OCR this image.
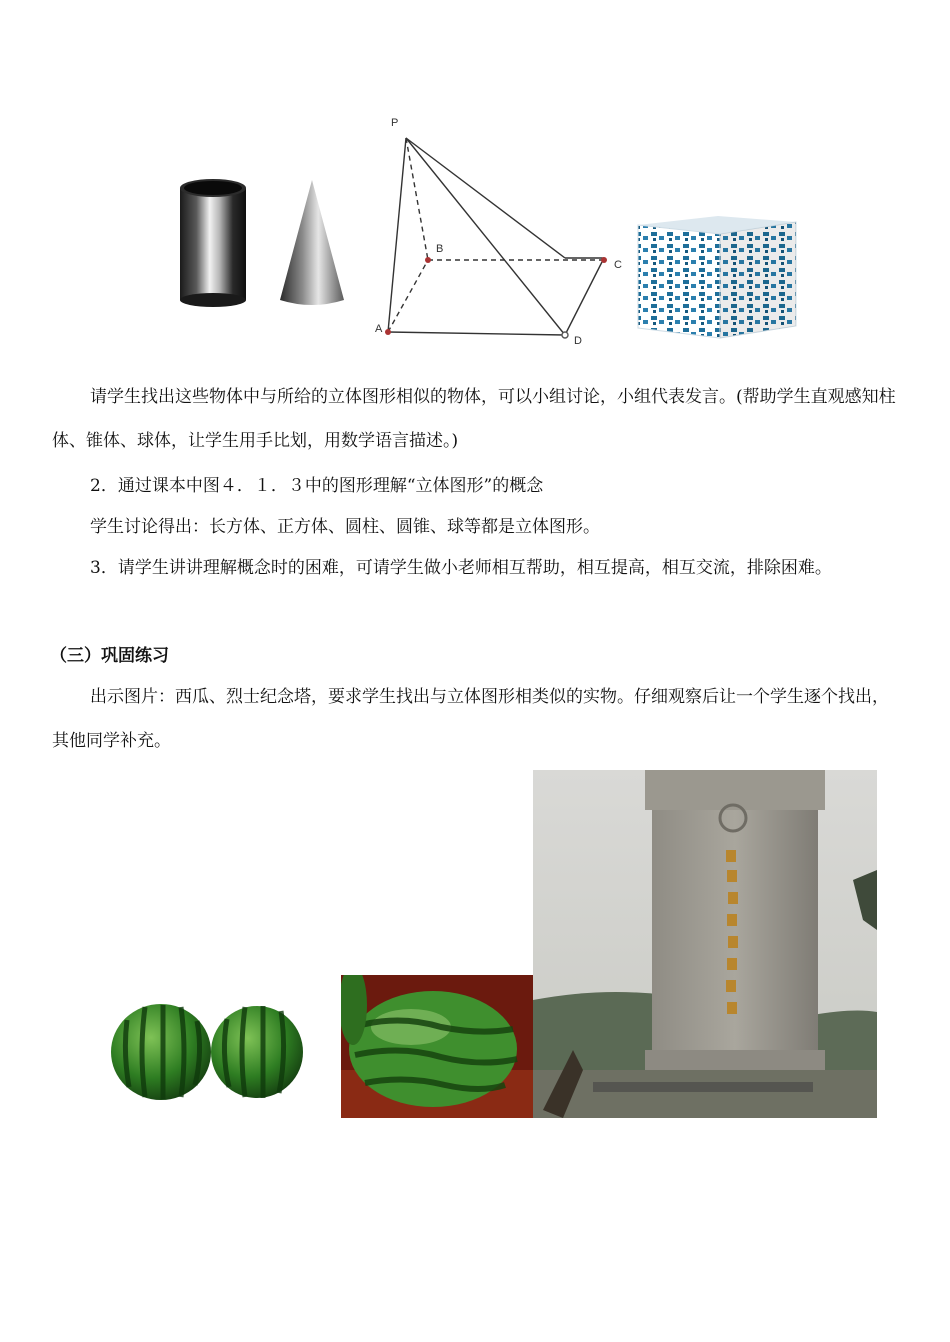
P
A
B
C
D
请学生找出这些物体中与所给的立体图形相似的物体，可以小组讨论，小组代表发言。(帮助学生直观感知柱体、锥体、球体，让学生用手比划，用数学语言描述。)
2．通过课本中图４．１．３中的图形理解“立体图形”的概念
学生讨论得出：长方体、正方体、圆柱、圆锥、球等都是立体图形。
3．请学生讲讲理解概念时的困难，可请学生做小老师相互帮助，相互提高，相互交流，排除困难。
（三）巩固练习
出示图片：西瓜、烈士纪念塔，要求学生找出与立体图形相类似的实物。仔细观察后让一个学生逐个找出，其他同学补充。
